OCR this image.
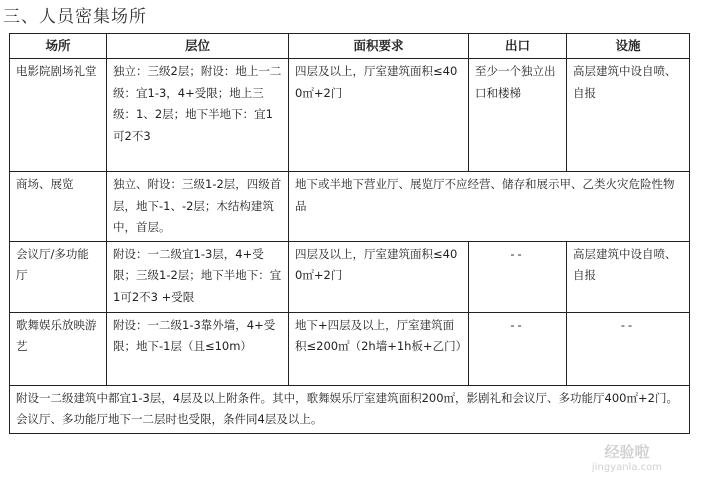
三、人员密集场所
场所	层位	面积要求	出口	设施
电影院剧场礼堂	独立：三级2层；附设：地上一二级：宜1-3，4+受限；地上三级：1、2层；地下半地下：宜1可2不3	四层及以上，厅室建筑面积≤400㎡+2门	至少一个独立出口和楼梯	高层建筑中设自喷、自报
商场、展览	独立、附设：三级1-2层，四级首层，地下-1、-2层；木结构建筑中，首层。	地下或半地下营业厅、展览厅不应经营、储存和展示甲、乙类火灾危险性物品		
会议厅/多功能厅	附设：一二级宜1-3层，4+受限；三级1-2层；地下半地下：宜1可2不3 +受限	四层及以上，厅室建筑面积≤400㎡+2门	--	高层建筑中设自喷、自报
歌舞娱乐放映游艺	附设：一二级1-3靠外墙，4+受限；地下-1层（且≤10m）	地下+四层及以上，厅室建筑面积≤200㎡（2h墙+1h板+乙门）	--	--
附设一二级建筑中都宜1-3层，4层及以上附条件。其中，歌舞娱乐厅室建筑面积200㎡，影剧礼和会议厅、多功能厅400㎡+2门。会议厅、多功能厅地下一二层时也受限，条件同4层及以上。				
经验啦
jingyanla.com
